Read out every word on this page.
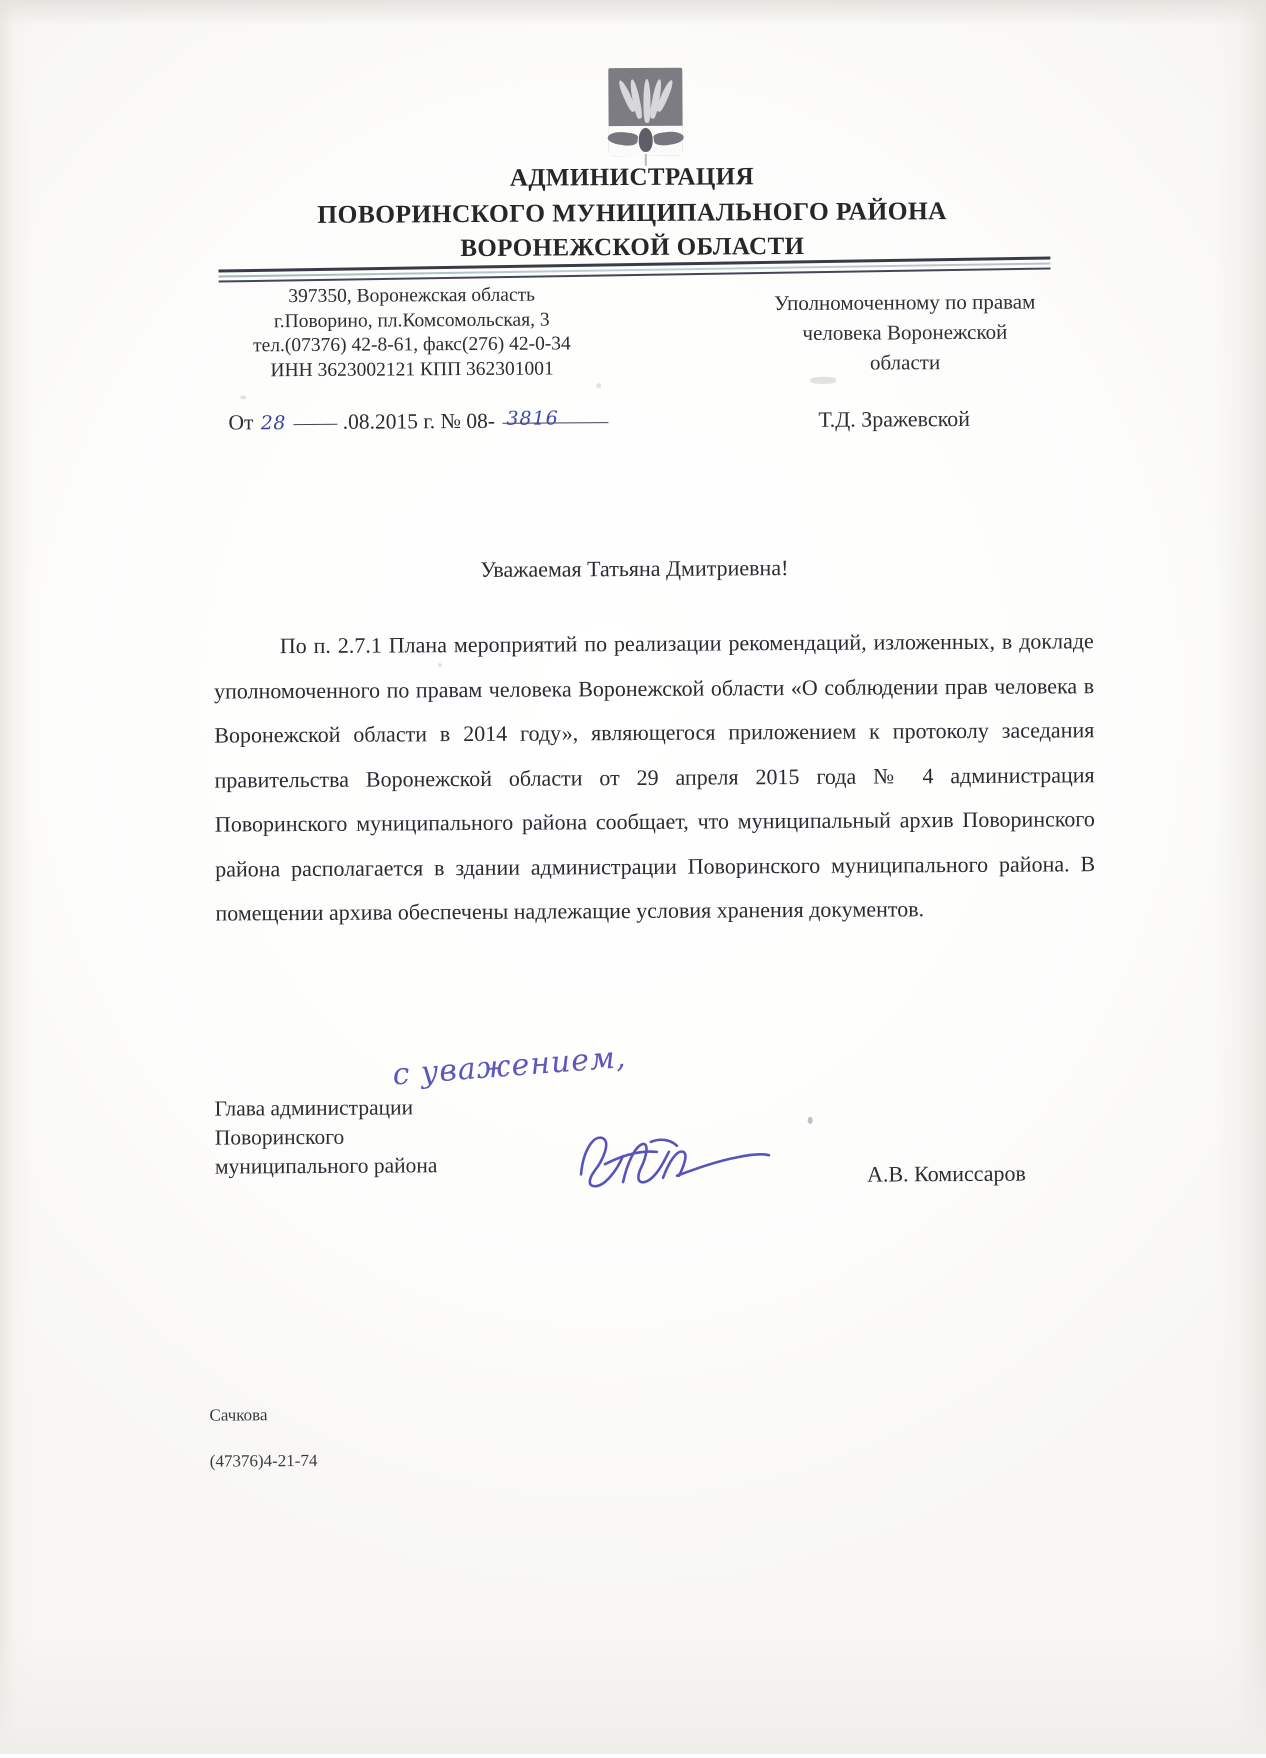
АДМИНИСТРАЦИЯ
ПОВОРИНСКОГО МУНИЦИПАЛЬНОГО РАЙОНА
ВОРОНЕЖСКОЙ ОБЛАСТИ
397350, Воронежская область
г.Поворино, пл.Комсомольская, 3
тел.(07376) 42-8-61, факс(276) 42-0-34
ИНН 3623002121 КПП 362301001
Уполномоченному по правам
человека Воронежской
области
Т.Д. Зражевской
От 28	.08.2015 г. № 08- 3816
Уважаемая Татьяна Дмитриевна!
По п. 2.7.1 Плана мероприятий по реализации рекомендаций, изложенных, в докладе уполномоченного по правам человека Воронежской области «О соблюдении прав человека в Воронежской области в 2014 году», являющегося приложением к протоколу заседания правительства Воронежской области от 29 апреля 2015 года № 4 администрация Поворинского муниципального района сообщает, что муниципальный архив Поворинского района располагается в здании администрации Поворинского муниципального района. В помещении архива обеспечены надлежащие условия хранения документов.
с уважением,
Глава администрации
Поворинского
муниципального района	А.В. Комиссаров

Сачкова

(47376)4-21-74
